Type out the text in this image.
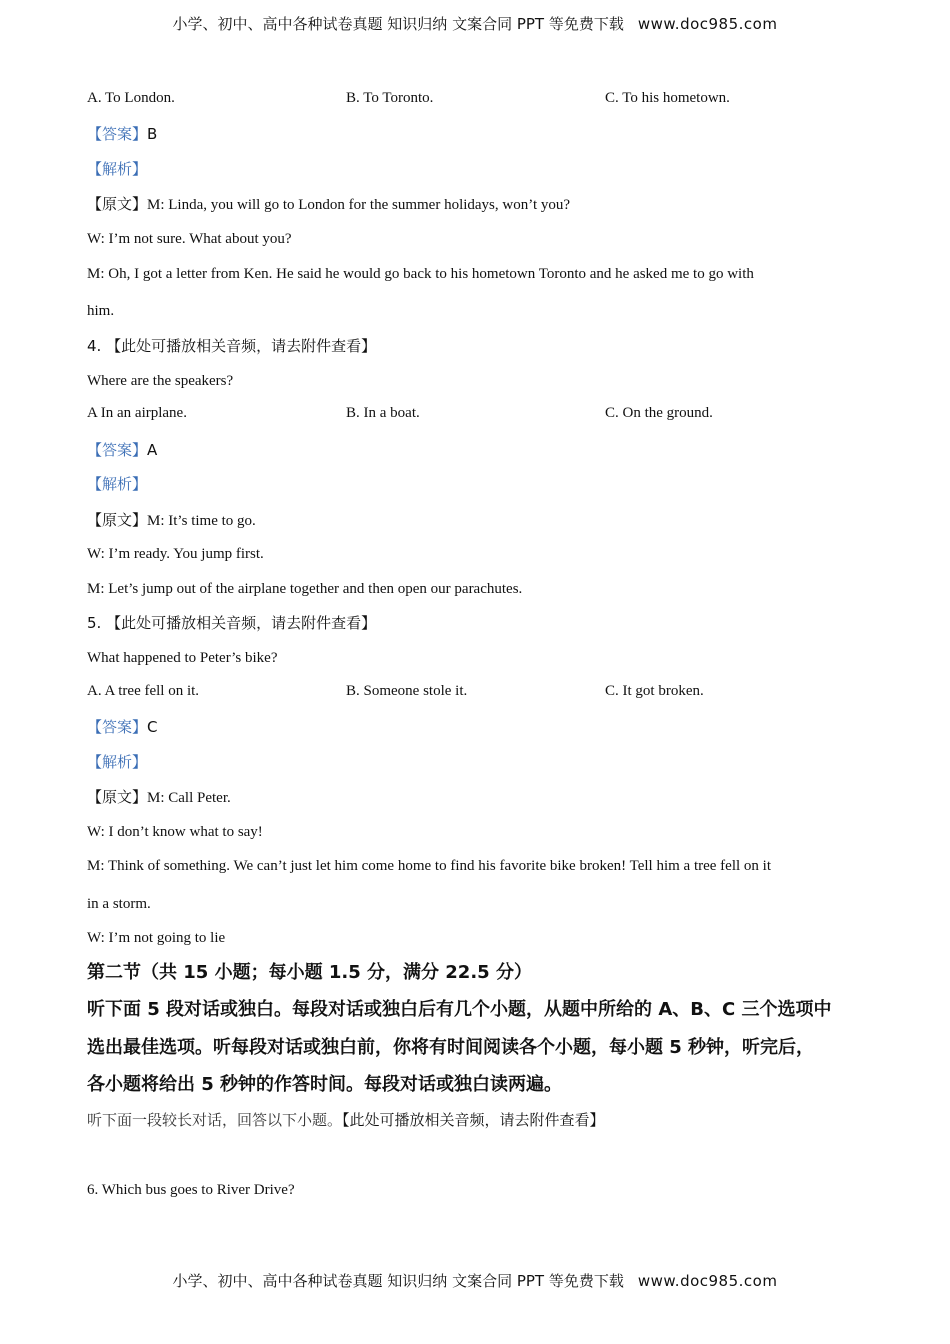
小学、初中、高中各种试卷真题 知识归纳 文案合同 PPT 等免费下载 www.doc985.com
A. To London.	B. To Toronto.	C. To his hometown.
【答案】B
【解析】
【原文】M: Linda, you will go to London for the summer holidays, won’t you?
W: I’m not sure. What about you?
M: Oh, I got a letter from Ken. He said he would go back to his hometown Toronto and he asked me to go with
him.
4. 【此处可播放相关音频，请去附件查看】
Where are the speakers?
A In an airplane.	B. In a boat.	C. On the ground.
【答案】A
【解析】
【原文】M: It’s time to go.
W: I’m ready. You jump first.
M: Let’s jump out of the airplane together and then open our parachutes.
5. 【此处可播放相关音频，请去附件查看】
What happened to Peter’s bike?
A. A tree fell on it.	B. Someone stole it.	C. It got broken.
【答案】C
【解析】
【原文】M: Call Peter.
W: I don’t know what to say!
M: Think of something. We can’t just let him come home to find his favorite bike broken! Tell him a tree fell on it
in a storm.
W: I’m not going to lie
第二节（共 15 小题；每小题 1.5 分，满分 22.5 分）
听下面 5 段对话或独白。每段对话或独白后有几个小题，从题中所给的 A、B、C 三个选项中
选出最佳选项。听每段对话或独白前，你将有时间阅读各个小题，每小题 5 秒钟，听完后，
各小题将给出 5 秒钟的作答时间。每段对话或独白读两遍。
听下面一段较长对话，回答以下小题。【此处可播放相关音频，请去附件查看】
6. Which bus goes to River Drive?
小学、初中、高中各种试卷真题 知识归纳 文案合同 PPT 等免费下载 www.doc985.com
